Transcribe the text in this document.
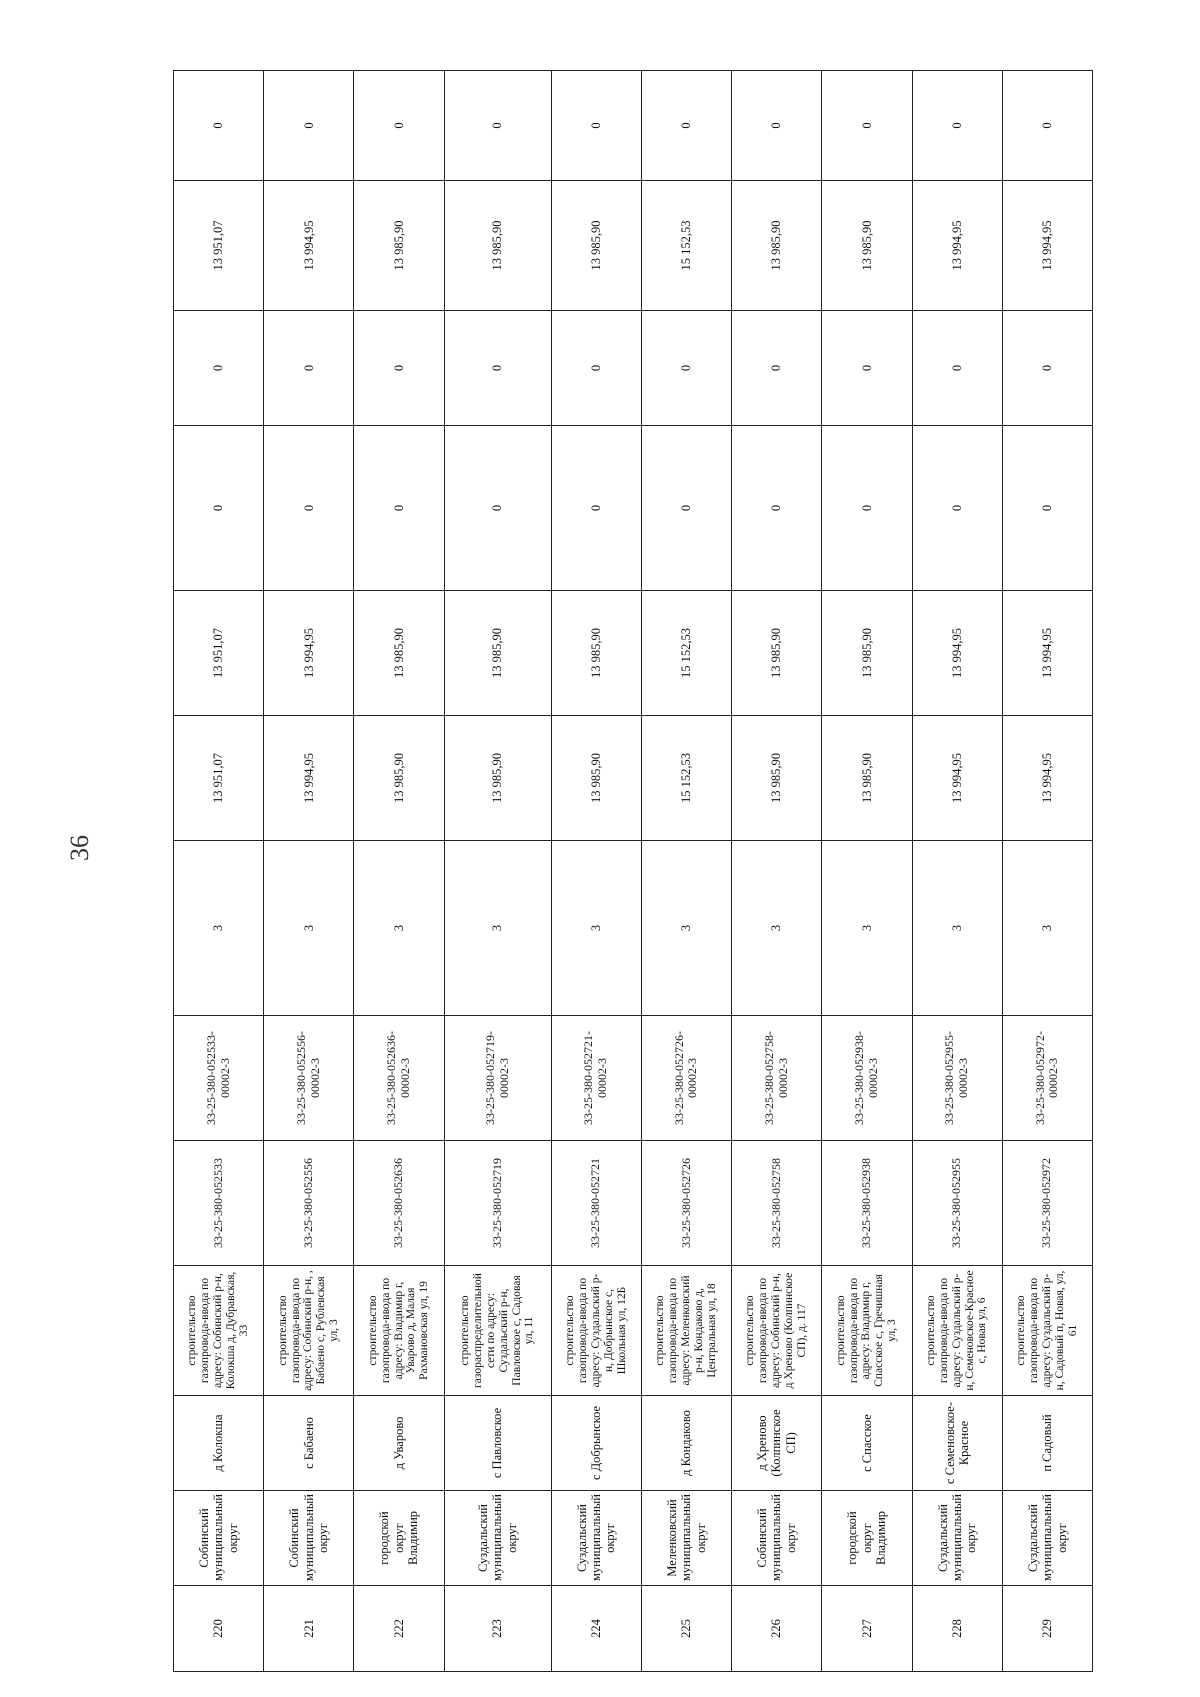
36
220	Собинский муниципальный округ	д Колокша	строительство газопровода-ввода по адресу: Собинский р-н, Колокша д, Дубравская, 33	33-25-380-052533	33-25-380-052533-00002-3	3	13 951,07	13 951,07	0	0	13 951,07	0
221	Собинский муниципальный округ	с Бабаено	строительство газопровода-ввода по адресу: Собинский р-н, , Бабаено с, Рублевская ул, 3	33-25-380-052556	33-25-380-052556-00002-3	3	13 994,95	13 994,95	0	0	13 994,95	0
222	городской округ Владимир	д Уварово	строительство газопровода-ввода по адресу: Владимир г, Уварово д, Малая Рахмановская ул, 19	33-25-380-052636	33-25-380-052636-00002-3	3	13 985,90	13 985,90	0	0	13 985,90	0
223	Суздальский муниципальный округ	с Павловское	строительство газораспределительной сети по адресу: Суздальский р-н, Павловское с, Садовая ул, 11	33-25-380-052719	33-25-380-052719-00002-3	3	13 985,90	13 985,90	0	0	13 985,90	0
224	Суздальский муниципальный округ	с Добрынское	строительство газопровода-ввода по адресу: Суздальский р-н, Добрынское с, Школьная ул, 12Б	33-25-380-052721	33-25-380-052721-00002-3	3	13 985,90	13 985,90	0	0	13 985,90	0
225	Меленковский муниципальный округ	д Кондаково	строительство газопровода-ввода по адресу: Меленковский р-н, Кондаково д, Центральная ул, 18	33-25-380-052726	33-25-380-052726-00002-3	3	15 152,53	15 152,53	0	0	15 152,53	0
226	Собинский муниципальный округ	д Хреново (Колпинское СП)	строительство газопровода-ввода по адресу: Собинский р-н, д Хреново (Колпинское СП), д. 117	33-25-380-052758	33-25-380-052758-00002-3	3	13 985,90	13 985,90	0	0	13 985,90	0
227	городской округ Владимир	с Спасское	строительство газопровода-ввода по адресу: Владимир г, Спасское с, Гречишная ул, 3	33-25-380-052938	33-25-380-052938-00002-3	3	13 985,90	13 985,90	0	0	13 985,90	0
228	Суздальский муниципальный округ	с Семеновское-Красное	строительство газопровода-ввода по адресу: Суздальский р-н, Семеновское-Красное с, Новая ул, 6	33-25-380-052955	33-25-380-052955-00002-3	3	13 994,95	13 994,95	0	0	13 994,95	0
229	Суздальский муниципальный округ	п Садовый	строительство газопровода-ввода по адресу: Суздальский р-н, Садовый п, Новая, ул, 61	33-25-380-052972	33-25-380-052972-00002-3	3	13 994,95	13 994,95	0	0	13 994,95	0
